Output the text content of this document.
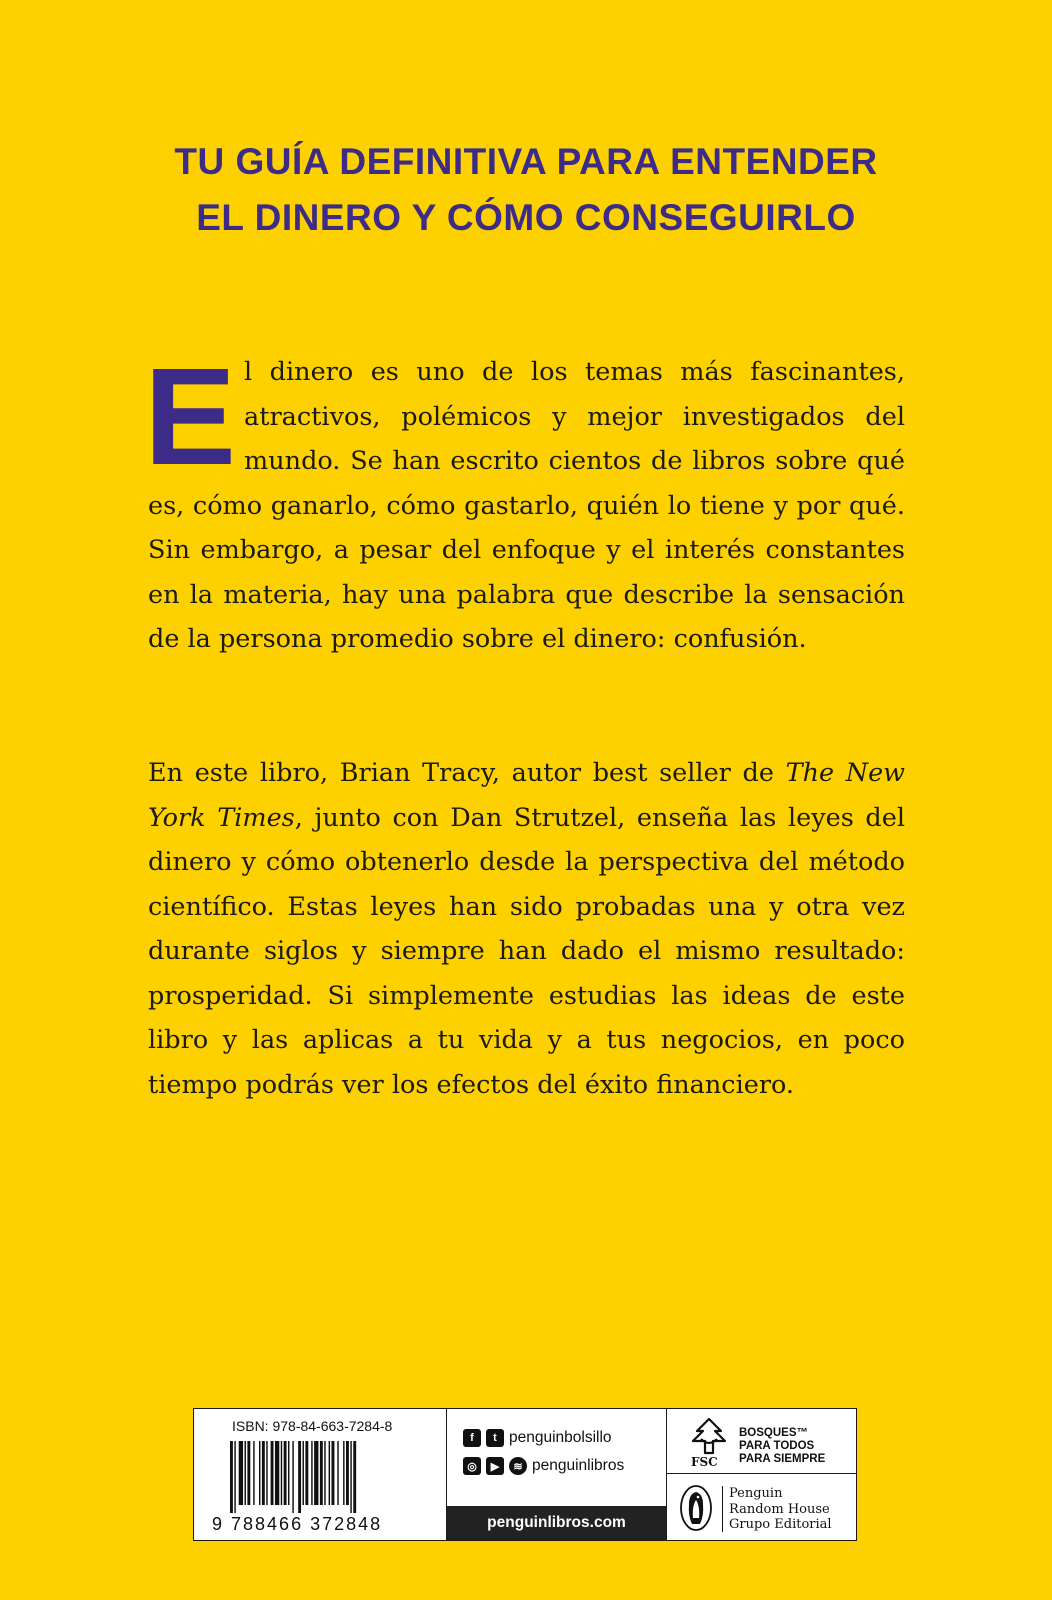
TU GUÍA DEFINITIVA PARA ENTENDER
EL DINERO Y CÓMO CONSEGUIRLO
El dinero es uno de los temas más fascinantes, atractivos, polémicos y mejor investigados del mundo. Se han escrito cientos de libros sobre qué es, cómo ganarlo, cómo gastarlo, quién lo tiene y por qué. Sin embargo, a pesar del enfoque y el interés constantes en la materia, hay una palabra que describe la sensación de la persona promedio sobre el dinero: confusión.
En este libro, Brian Tracy, autor best seller de The New York Times, junto con Dan Strutzel, enseña las leyes del dinero y cómo obtenerlo desde la perspectiva del método científico. Estas leyes han sido probadas una y otra vez durante siglos y siempre han dado el mismo resultado: prosperidad. Si simplemente estudias las ideas de este libro y las aplicas a tu vida y a tus negocios, en poco tiempo podrás ver los efectos del éxito financiero.
ISBN: 978-84-663-7284-8
9 788466 372848
f	t penguinbolsillo
◎	▶	≋ penguinlibros
penguinlibros.com
FSC
BOSQUES™
PARA TODOS
PARA SIEMPRE
Penguin
Random House
Grupo Editorial
